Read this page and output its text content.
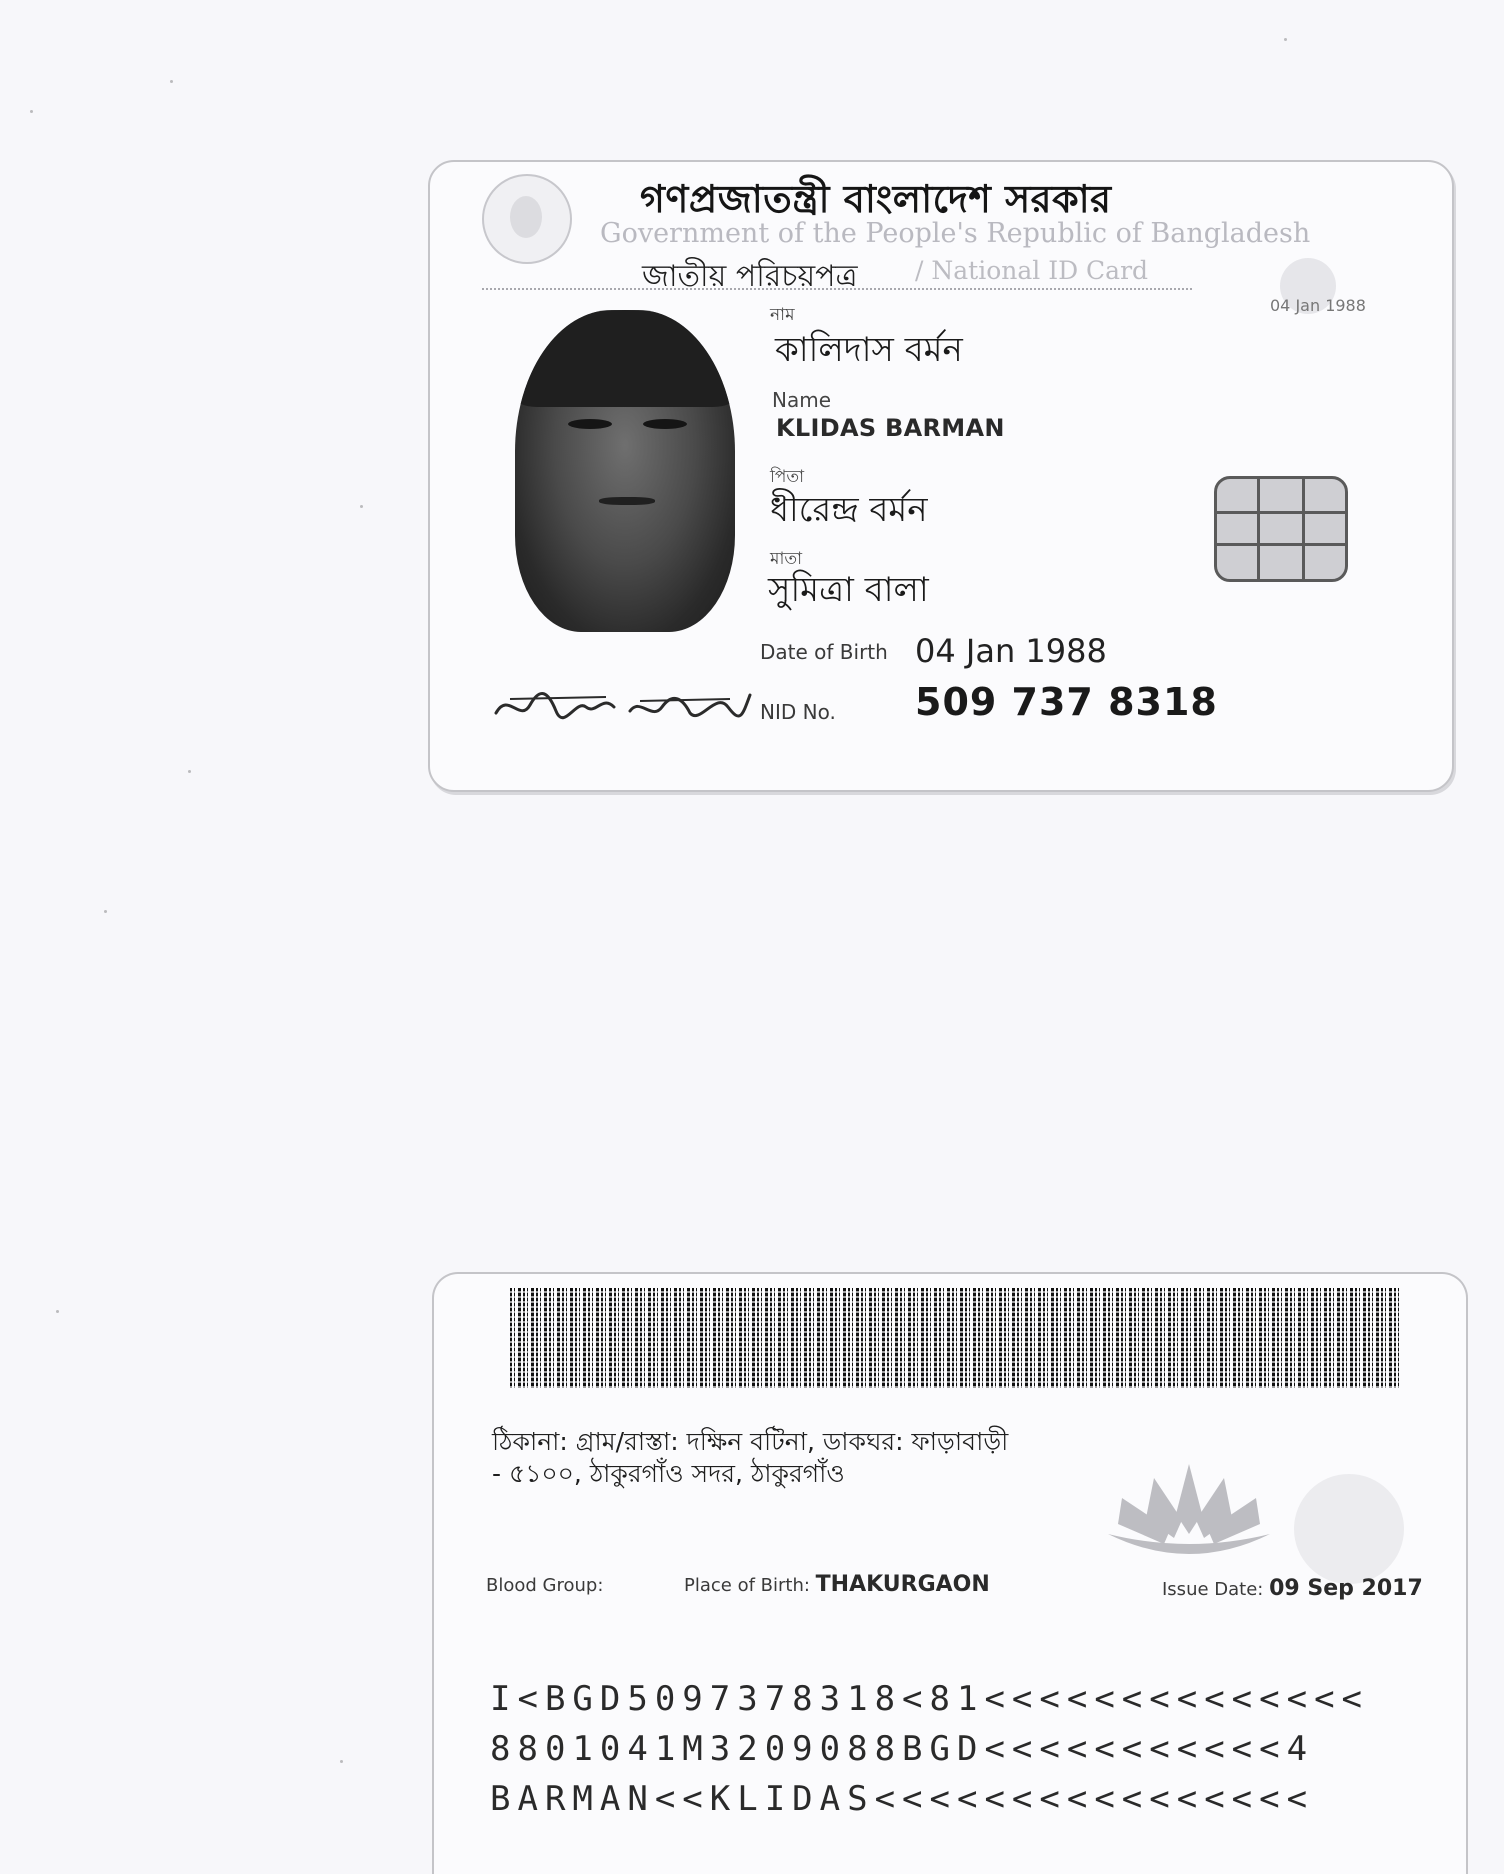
গণপ্রজাতন্ত্রী বাংলাদেশ সরকার
Government of the People's Republic of Bangladesh
জাতীয় পরিচয়পত্র / National ID Card
04 Jan 1988
নাম
কালিদাস বর্মন
Name
KLIDAS BARMAN
পিতা
ধীরেন্দ্র বর্মন
মাতা
সুমিত্রা বালা
Date of Birth 04 Jan 1988
NID No. 509 737 8318
ঠিকানা: গ্রাম/রাস্তা: দক্ষিন বটিনা, ডাকঘর: ফাড়াবাড়ী
- ৫১০০, ঠাকুরগাঁও সদর, ঠাকুরগাঁও
Blood Group:	Place of Birth: THAKURGAON	Issue Date: 09 Sep 2017
I<BGD5097378318<81<<<<<<<<<<<<<<
8801041M3209088BGD<<<<<<<<<<<4
BARMAN<<KLIDAS<<<<<<<<<<<<<<<<
